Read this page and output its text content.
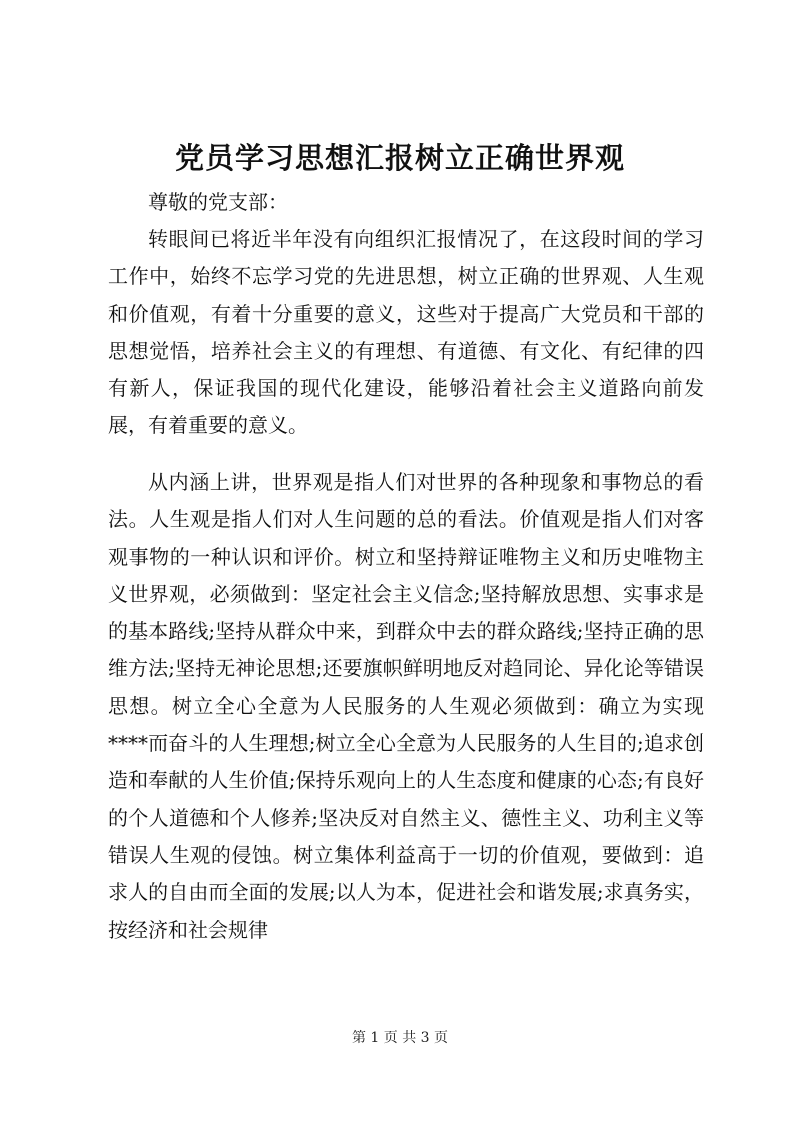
党员学习思想汇报树立正确世界观
尊敬的党支部：
转眼间已将近半年没有向组织汇报情况了，在这段时间的学习工作中，始终不忘学习党的先进思想，树立正确的世界观、人生观和价值观，有着十分重要的意义，这些对于提高广大党员和干部的思想觉悟，培养社会主义的有理想、有道德、有文化、有纪律的四有新人，保证我国的现代化建设，能够沿着社会主义道路向前发展，有着重要的意义。
从内涵上讲，世界观是指人们对世界的各种现象和事物总的看法。人生观是指人们对人生问题的总的看法。价值观是指人们对客观事物的一种认识和评价。树立和坚持辩证唯物主义和历史唯物主义世界观，必须做到：坚定社会主义信念;坚持解放思想、实事求是的基本路线;坚持从群众中来，到群众中去的群众路线;坚持正确的思维方法;坚持无神论思想;还要旗帜鲜明地反对趋同论、异化论等错误思想。树立全心全意为人民服务的人生观必须做到：确立为实现****而奋斗的人生理想;树立全心全意为人民服务的人生目的;追求创造和奉献的人生价值;保持乐观向上的人生态度和健康的心态;有良好的个人道德和个人修养;坚决反对自然主义、德性主义、功利主义等错误人生观的侵蚀。树立集体利益高于一切的价值观，要做到：追求人的自由而全面的发展;以人为本，促进社会和谐发展;求真务实，按经济和社会规律
第 1 页 共 3 页
